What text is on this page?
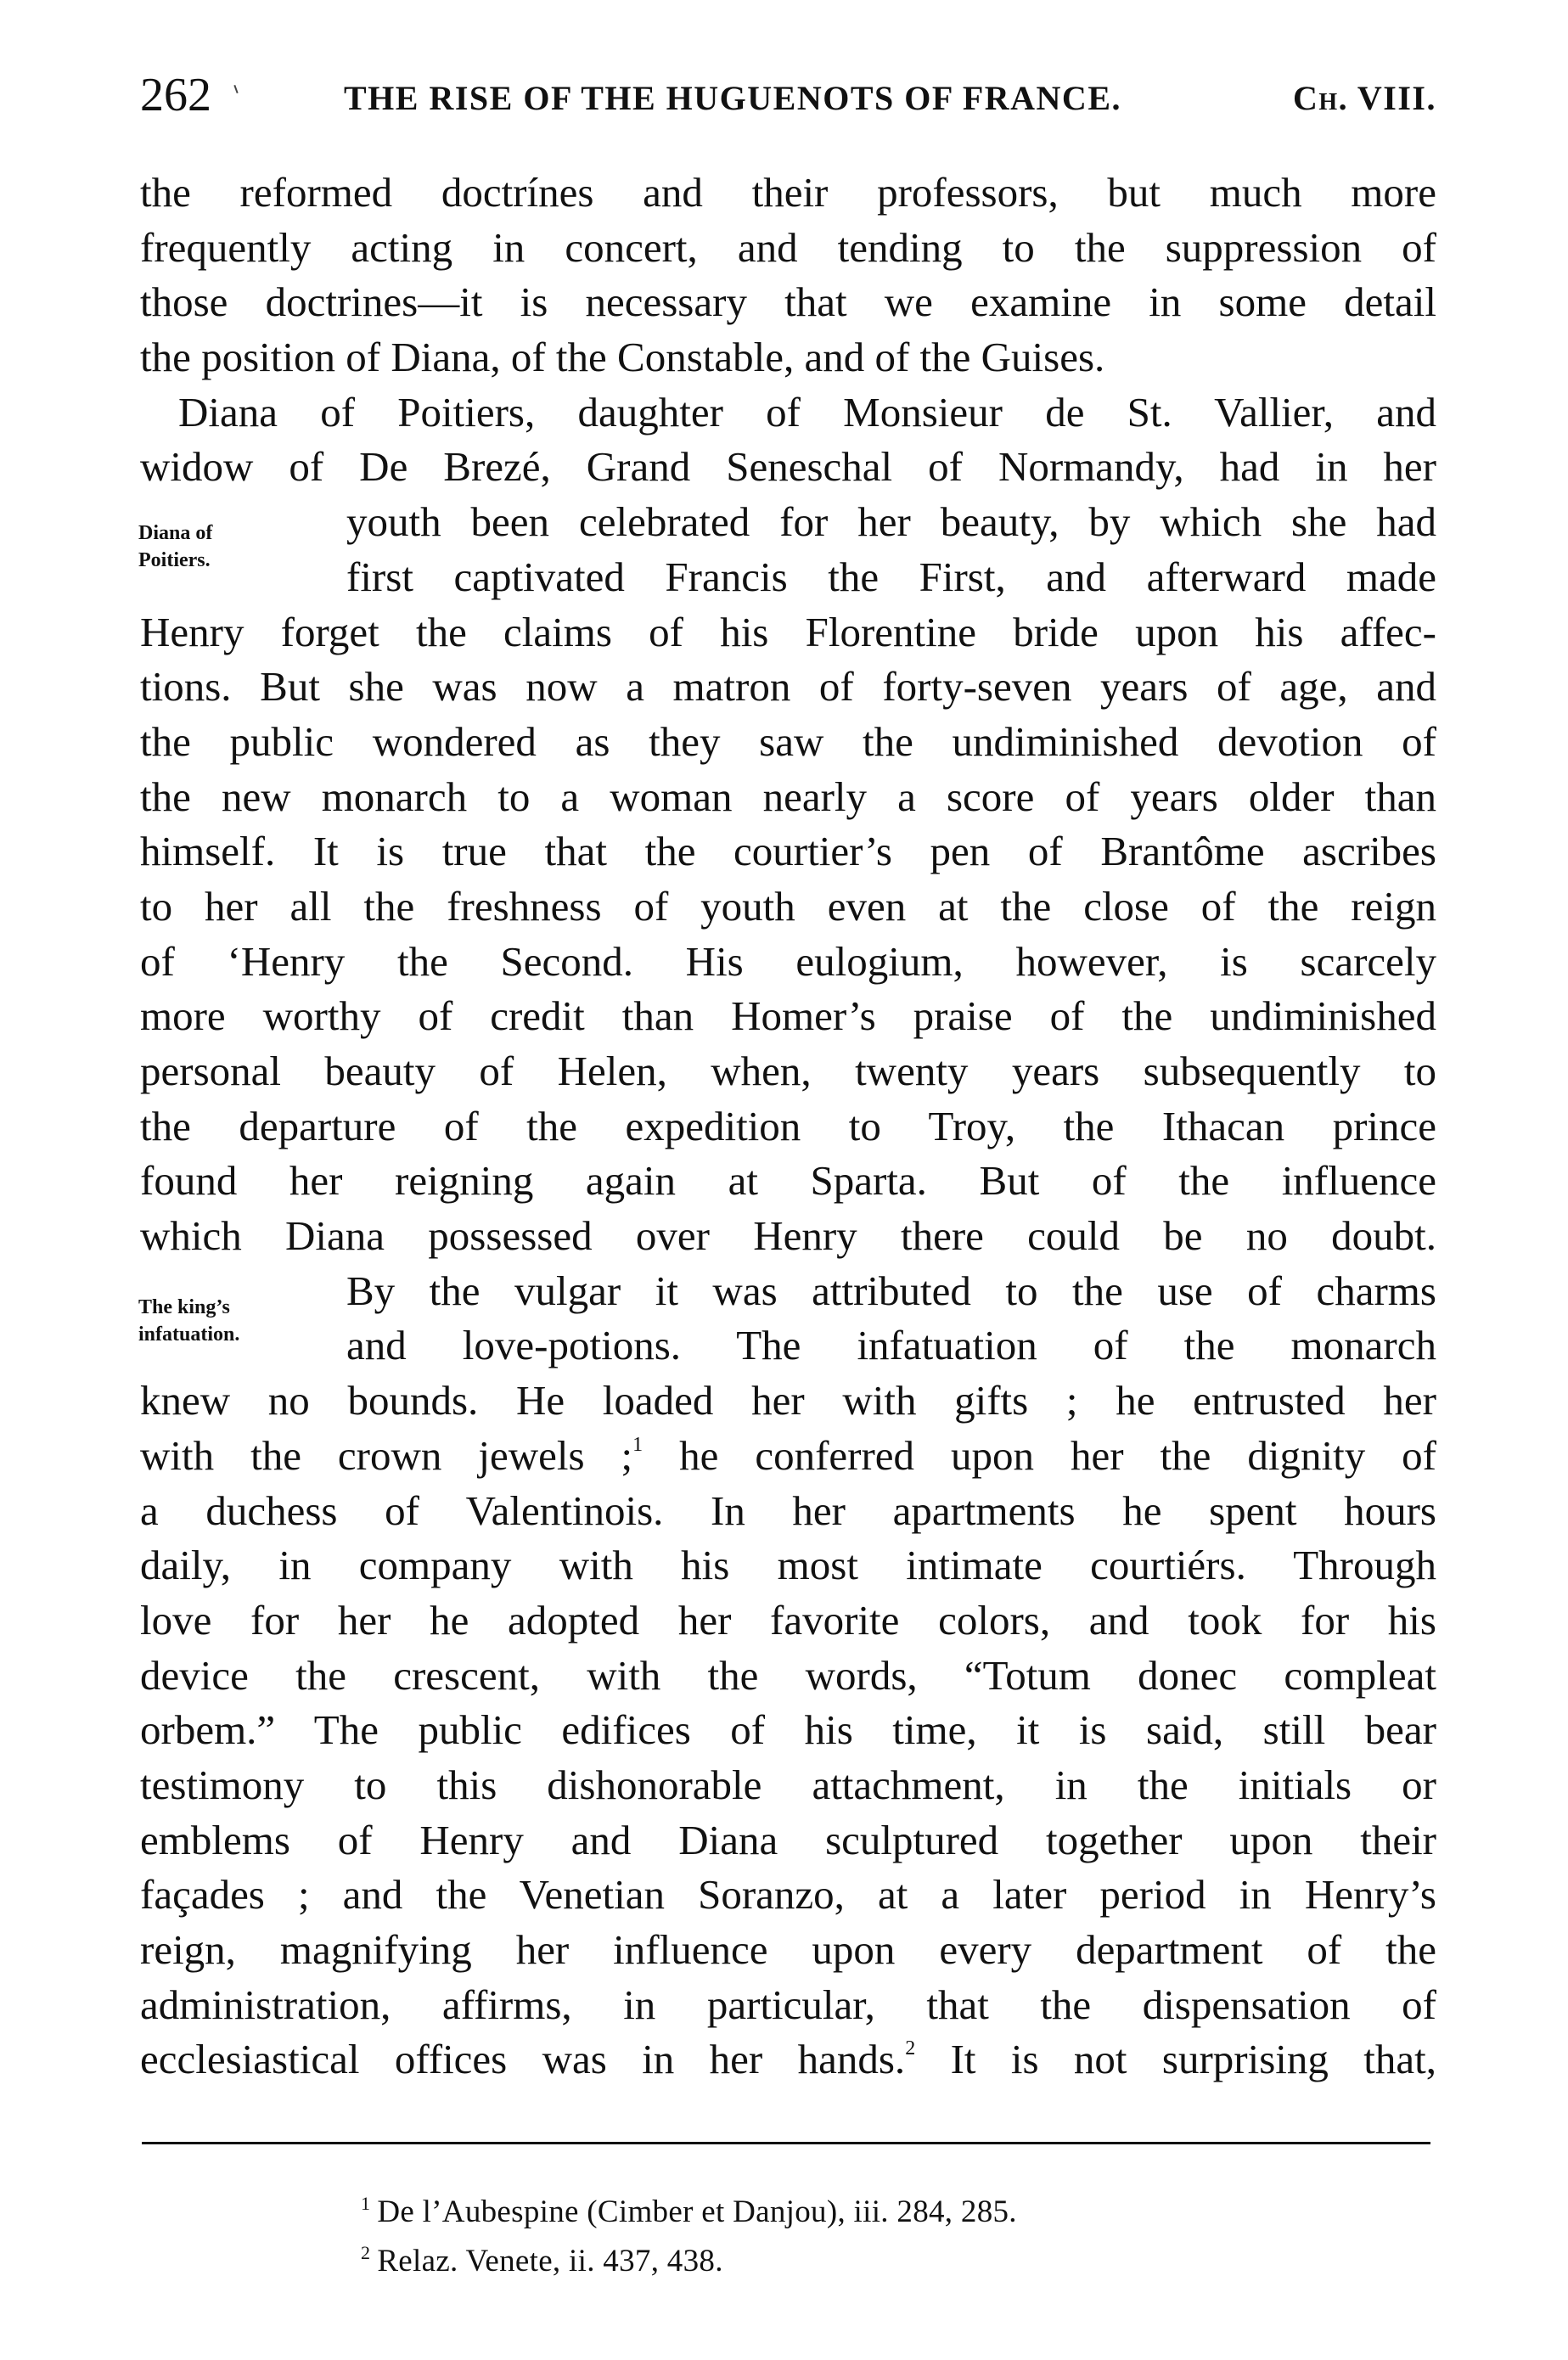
262	THE RISE OF THE HUGUENOTS OF FRANCE.	Ch. VIII.
Diana of
Poitiers.
The king’s
infatuation.
the reformed doctrínes and their professors, but much more
frequently acting in concert, and tending to the suppression of
those doctrines—it is necessary that we examine in some detail
the position of Diana, of the Constable, and of the Guises.
Diana of Poitiers, daughter of Monsieur de St. Vallier, and
widow of De Brezé, Grand Seneschal of Normandy, had in her
youth been celebrated for her beauty, by which she had
first captivated Francis the First, and afterward made
Henry forget the claims of his Florentine bride upon his affec-
tions. But she was now a matron of forty-seven years of age, and
the public wondered as they saw the undiminished devotion of
the new monarch to a woman nearly a score of years older than
himself. It is true that the courtier’s pen of Brantôme ascribes
to her all the freshness of youth even at the close of the reign
of ‘Henry the Second. His eulogium, however, is scarcely
more worthy of credit than Homer’s praise of the undiminished
personal beauty of Helen, when, twenty years subsequently to
the departure of the expedition to Troy, the Ithacan prince
found her reigning again at Sparta. But of the influence
which Diana possessed over Henry there could be no doubt.
By the vulgar it was attributed to the use of charms
and love-potions. The infatuation of the monarch
knew no bounds. He loaded her with gifts ; he entrusted her
with the crown jewels ;$^1$ he conferred upon her the dignity of
a duchess of Valentinois. In her apartments he spent hours
daily, in company with his most intimate courtiérs. Through
love for her he adopted her favorite colors, and took for his
device the crescent, with the words, “Totum donec compleat
orbem.” The public edifices of his time, it is said, still bear
testimony to this dishonorable attachment, in the initials or
emblems of Henry and Diana sculptured together upon their
façades ; and the Venetian Soranzo, at a later period in Henry’s
reign, magnifying her influence upon every department of the
administration, affirms, in particular, that the dispensation of
ecclesiastical offices was in her hands.$^2$ It is not surprising that,
$^1$ De l’Aubespine (Cimber et Danjou), iii. 284, 285.
$^2$ Relaz. Venete, ii. 437, 438.
